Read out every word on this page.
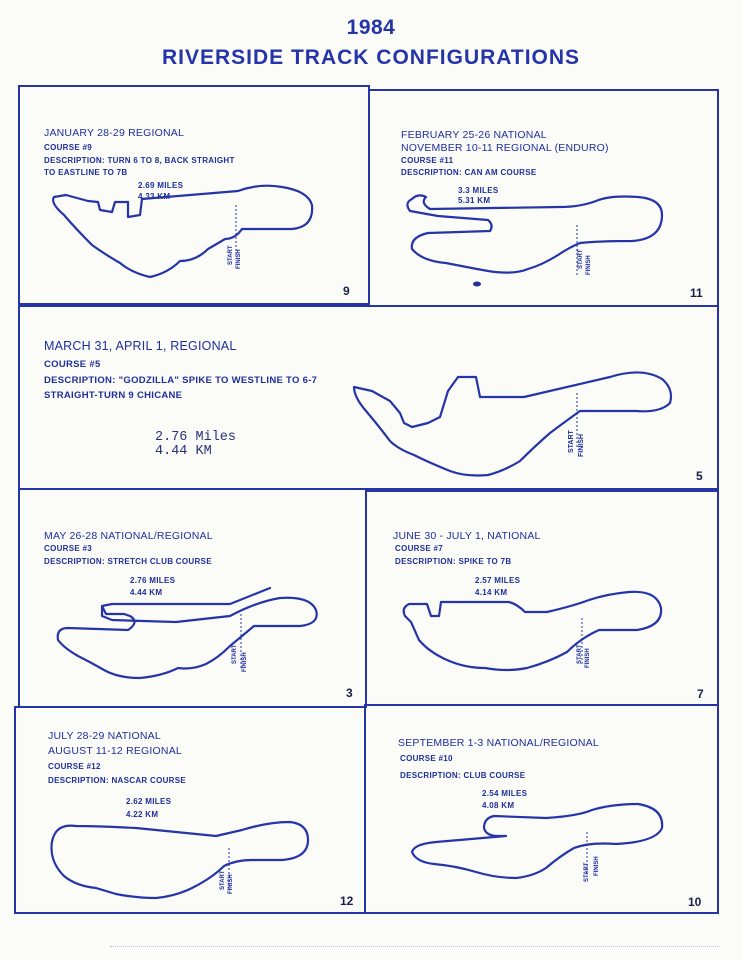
1984
RIVERSIDE TRACK CONFIGURATIONS
JANUARY 28-29 REGIONAL
COURSE #9
DESCRIPTION: TURN 6 TO 8, BACK STRAIGHT
TO EASTLINE TO 7B
2.69 MILES
4.33 KM
START FINISH
9
FEBRUARY 25-26 NATIONAL
NOVEMBER 10-11 REGIONAL (ENDURO)
COURSE #11
DESCRIPTION: CAN AM COURSE
3.3 MILES
5.31 KM
START FINISH
11
MARCH 31, APRIL 1, REGIONAL
COURSE #5
DESCRIPTION: "GODZILLA" SPIKE TO WESTLINE TO 6-7
STRAIGHT-TURN 9 CHICANE
2.76 Miles
4.44 KM	START FINISH
5
MAY 26-28 NATIONAL/REGIONAL
COURSE #3
DESCRIPTION: STRETCH CLUB COURSE
2.76 MILES
4.44 KM
START FINISH
3
JUNE 30 - JULY 1, NATIONAL
COURSE #7
DESCRIPTION: SPIKE TO 7B
2.57 MILES
4.14 KM
START FINISH
7
JULY 28-29 NATIONAL
AUGUST 11-12 REGIONAL
COURSE #12
DESCRIPTION: NASCAR COURSE
2.62 MILES
4.22 KM
START FINISH
12
SEPTEMBER 1-3 NATIONAL/REGIONAL
COURSE #10
DESCRIPTION: CLUB COURSE
2.54 MILES
4.08 KM
START FINISH
10
